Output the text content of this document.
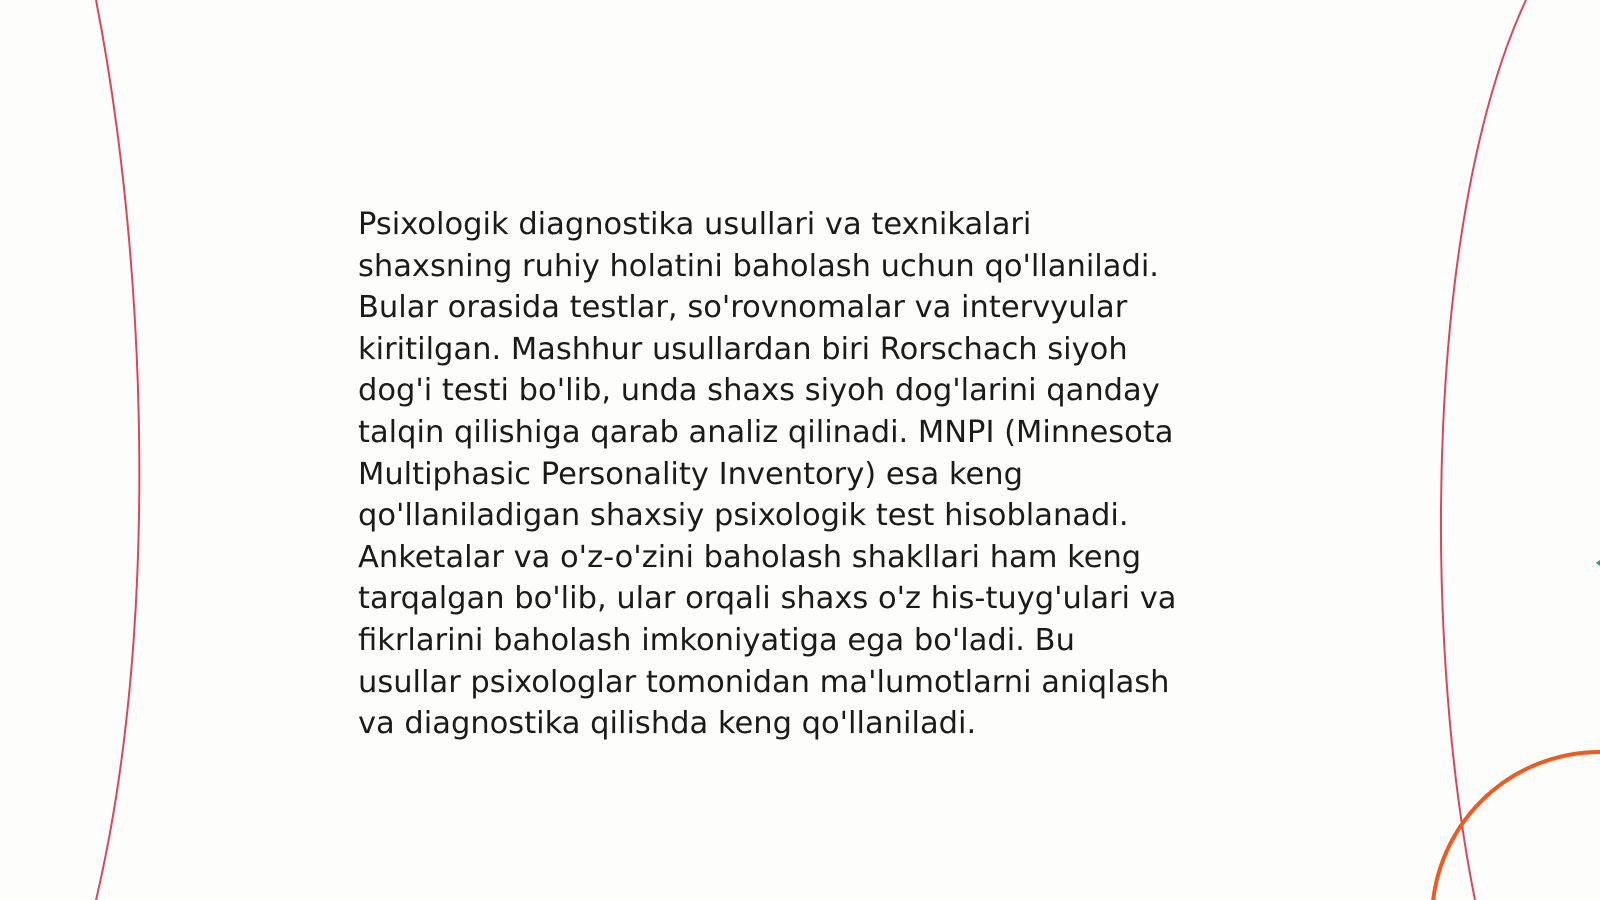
Psixologik diagnostika usullari va texnikalari
shaxsning ruhiy holatini baholash uchun qo'llaniladi.
Bular orasida testlar, so'rovnomalar va intervyular
kiritilgan. Mashhur usullardan biri Rorschach siyoh
dog'i testi bo'lib, unda shaxs siyoh dog'larini qanday
talqin qilishiga qarab analiz qilinadi. MNPI (Minnesota
Multiphasic Personality Inventory) esa keng
qo'llaniladigan shaxsiy psixologik test hisoblanadi.
Anketalar va o'z-o'zini baholash shakllari ham keng
tarqalgan bo'lib, ular orqali shaxs o'z his-tuyg'ulari va
fikrlarini baholash imkoniyatiga ega bo'ladi. Bu
usullar psixologlar tomonidan ma'lumotlarni aniqlash
va diagnostika qilishda keng qo'llaniladi.
